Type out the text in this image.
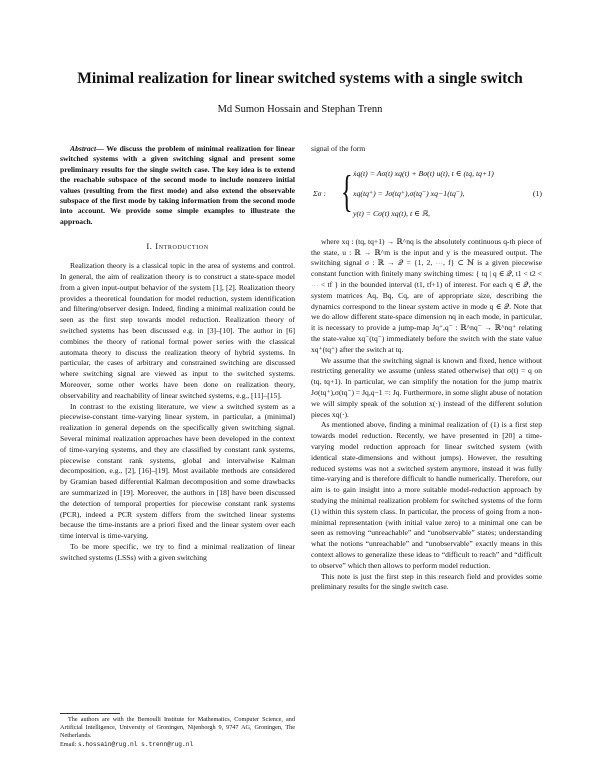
Minimal realization for linear switched systems with a single switch
Md Sumon Hossain and Stephan Trenn

Abstract— We discuss the problem of minimal realization for linear switched systems with a given switching signal and present some preliminary results for the single switch case. The key idea is to extend the reachable subspace of the second mode to include nonzero initial values (resulting from the first mode) and also extend the observable subspace of the first mode by taking information from the second mode into account. We provide some simple examples to illustrate the approach.

I. Introduction

Realization theory is a classical topic in the area of systems and control. In general, the aim of realization theory is to construct a state-space model from a given input-output behavior of the system [1], [2]. Realization theory provides a theoretical foundation for model reduction, system identification and filtering/observer design. Indeed, finding a minimal realization could be seen as the first step towards model reduction. Realization theory of switched systems has been discussed e.g. in [3]–[10]. The author in [6] combines the theory of rational formal power series with the classical automata theory to discuss the realization theory of hybrid systems. In particular, the cases of arbitrary and constrained switching are discussed where switching signal are viewed as input to the switched systems. Moreover, some other works have been done on realization theory, observability and reachability of linear switched systems, e.g., [11]–[15].

In contrast to the existing literature, we view a switched system as a piecewise-constant time-varying linear system, in particular, a (minimal) realization in general depends on the specifically given switching signal. Several minimal realization approaches have been developed in the context of time-varying systems, and they are classified by constant rank systems, piecewise constant rank systems, global and intervalwise Kalman decomposition, e.g., [2], [16]–[19]. Most available methods are considered by Gramian based differential Kalman decomposition and some drawbacks are summarized in [19]. Moreover, the authors in [18] have been discussed the detection of temporal properties for piecewise constant rank systems (PCR), indeed a PCR system differs from the switched linear systems because the time-instants are a priori fixed and the linear system over each time interval is time-varying.

To be more specific, we try to find a minimal realization of linear switched systems (LSSs) with a given switching

The authors are with the Bernoulli Institute for Mathematics, Computer Science, and Artificial Intelligence, University of Groningen, Nijenborgh 9, 9747 AG, Groningen, The Netherlands.
Email: s.hossain@rug.nl s.trenn@rug.nl

signal of the form

Σσ : { ẋq(t) = Aσ(t) xq(t) + Bσ(t) u(t), t ∈ (tq, tq+1)
xq(tq⁺) = Jσ(tq⁺),σ(tq⁻) xq−1(tq⁻),
y(t) = Cσ(t) xq(t), t ∈ ℝ,
(1)

where xq : (tq, tq+1) → ℝ^nq is the absolutely continuous q-th piece of the state, u : ℝ → ℝ^m is the input and y is the measured output. The switching signal σ : ℝ → 𝒬 = {1, 2, ⋯, f} ⊂ ℕ is a given piecewise constant function with finitely many switching times: { tq | q ∈ 𝒬, t1 < t2 < ⋯ < tf } in the bounded interval (t1, tf+1) of interest. For each q ∈ 𝒬, the system matrices Aq, Bq, Cq, are of appropriate size, describing the dynamics correspond to the linear system active in mode q ∈ 𝒬. Note that we do allow different state-space dimension nq in each mode, in particular, it is necessary to provide a jump-map Jq⁺,q⁻ : ℝ^nq⁻ → ℝ^nq⁺ relating the state-value xq⁻(tq⁻) immediately before the switch with the state value xq⁺(tq⁺) after the switch at tq.

We assume that the switching signal is known and fixed, hence without restricting generality we assume (unless stated otherwise) that σ(t) = q on (tq, tq+1). In particular, we can simplify the notation for the jump matrix Jσ(tq⁺),σ(tq⁻) = Jq,q−1 =: Jq. Furthermore, in some slight abuse of notation we will simply speak of the solution x(·) instead of the different solution pieces xq(·).

As mentioned above, finding a minimal realization of (1) is a first step towards model reduction. Recently, we have presented in [20] a time-varying model reduction approach for linear switched system (with identical state-dimensions and without jumps). However, the resulting reduced systems was not a switched system anymore, instead it was fully time-varying and is therefore difficult to handle numerically. Therefore, our aim is to gain insight into a more suitable model-reduction approach by studying the minimal realization problem for switched systems of the form (1) within this system class. In particular, the process of going from a non-minimal representation (with initial value zero) to a minimal one can be seen as removing “unreachable” and “unobservable” states; understanding what the notions “unreachable” and “unobservable” exactly means in this context allows to generalize these ideas to “difficult to reach” and “difficult to observe” which then allows to perform model reduction.

This note is just the first step in this research field and provides some preliminary results for the single switch case.
